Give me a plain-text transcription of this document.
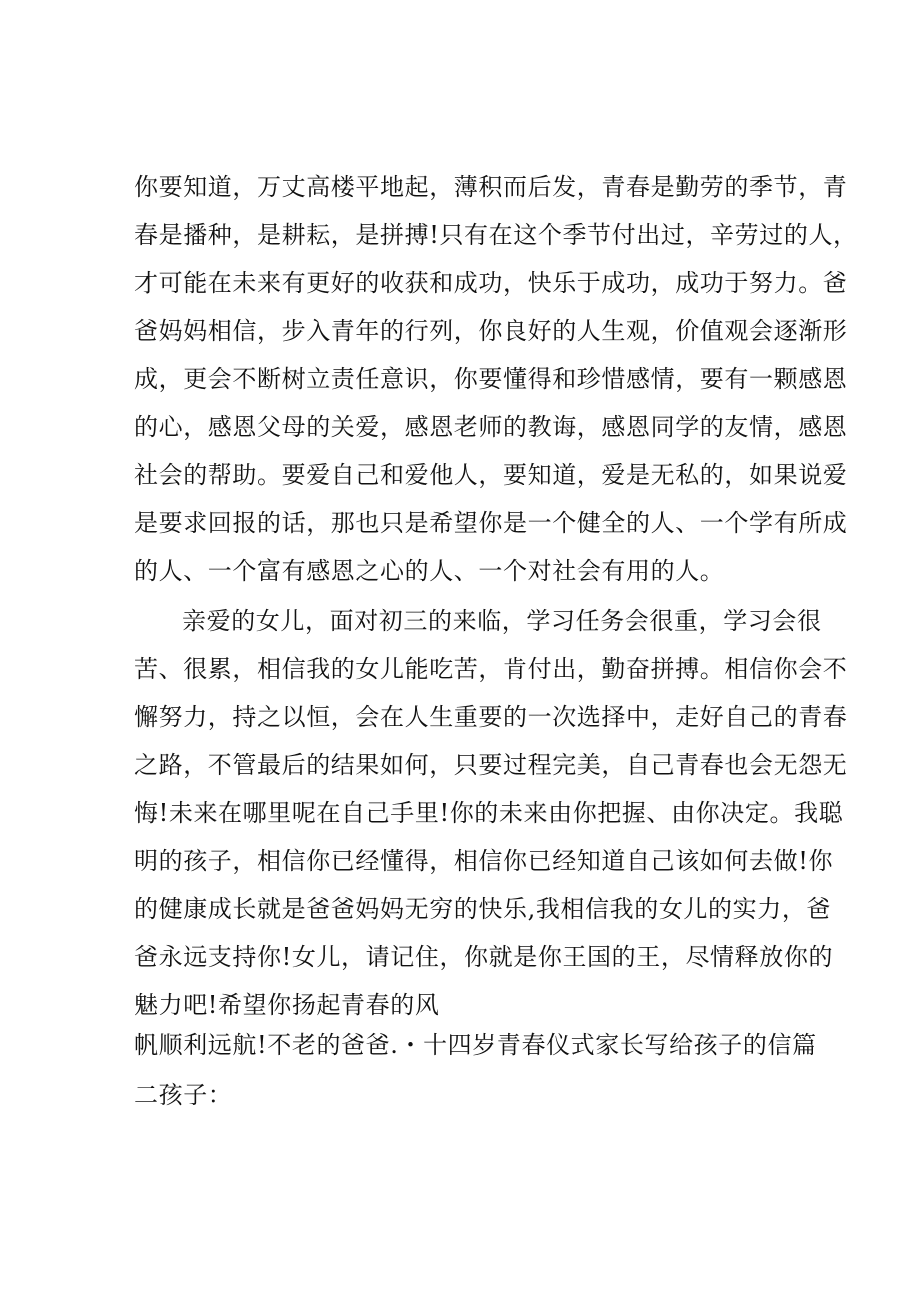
你要知道，万丈高楼平地起，薄积而后发，青春是勤劳的季节，青
春是播种，是耕耘，是拼搏!只有在这个季节付出过，辛劳过的人，
才可能在未来有更好的收获和成功，快乐于成功，成功于努力。爸
爸妈妈相信，步入青年的行列，你良好的人生观，价值观会逐渐形
成，更会不断树立责任意识，你要懂得和珍惜感情，要有一颗感恩
的心，感恩父母的关爱，感恩老师的教诲，感恩同学的友情，感恩
社会的帮助。要爱自己和爱他人，要知道，爱是无私的，如果说爱
是要求回报的话，那也只是希望你是一个健全的人、一个学有所成
的人、一个富有感恩之心的人、一个对社会有用的人。
亲爱的女儿，面对初三的来临，学习任务会很重，学习会很
苦、很累，相信我的女儿能吃苦，肯付出，勤奋拼搏。相信你会不
懈努力，持之以恒，会在人生重要的一次选择中，走好自己的青春
之路，不管最后的结果如何，只要过程完美，自己青春也会无怨无
悔!未来在哪里呢在自己手里!你的未来由你把握、由你决定。我聪
明的孩子，相信你已经懂得，相信你已经知道自己该如何去做!你
的健康成长就是爸爸妈妈无穷的快乐,我相信我的女儿的实力，爸
爸永远支持你!女儿，请记住，你就是你王国的王，尽情释放你的
魅力吧!希望你扬起青春的风
帆顺利远航!不老的爸爸.・十四岁青春仪式家长写给孩子的信篇
二孩子：
